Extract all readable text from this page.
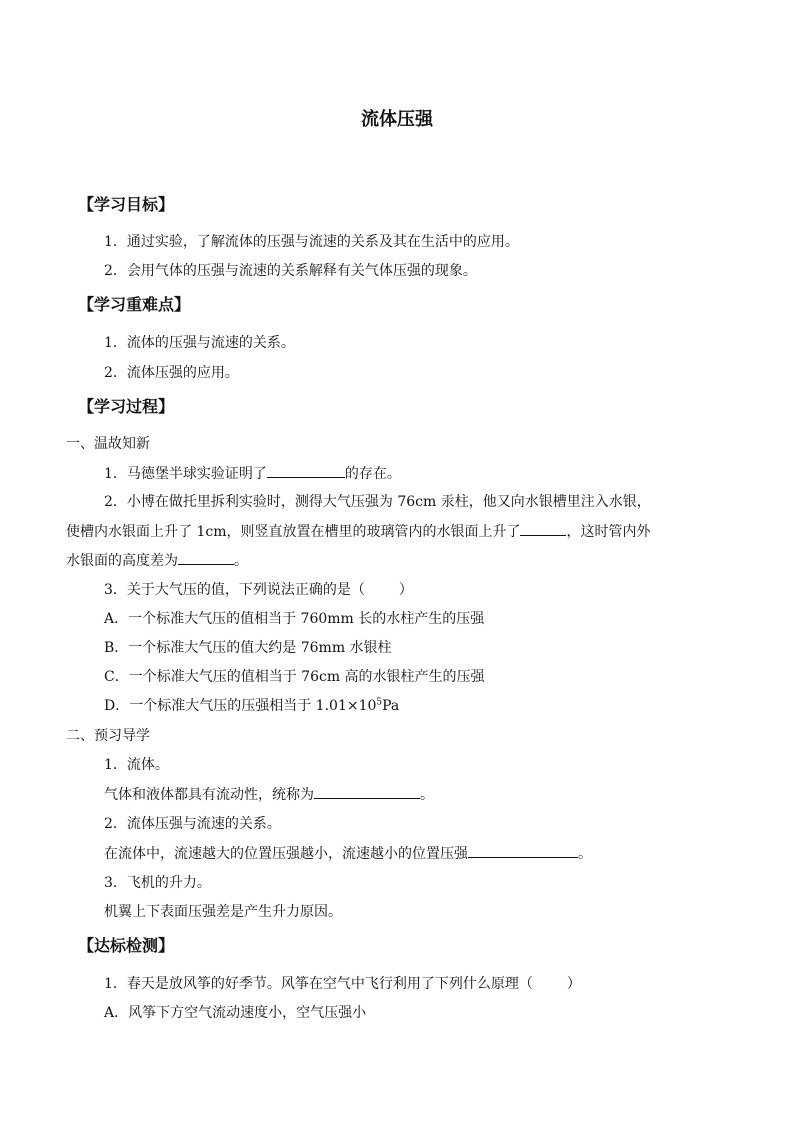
流体压强
【学习目标】
1．通过实验，了解流体的压强与流速的关系及其在生活中的应用。
2．会用气体的压强与流速的关系解释有关气体压强的现象。
【学习重难点】
1．流体的压强与流速的关系。
2．流体压强的应用。
【学习过程】
一、温故知新
1．马德堡半球实验证明了	的存在。
2．小博在做托里拆利实验时，测得大气压强为 76cm 汞柱，他又向水银槽里注入水银，
使槽内水银面上升了 1cm，则竖直放置在槽里的玻璃管内的水银面上升了	，这时管内外
水银面的高度差为	。
3．关于大气压的值，下列说法正确的是（ ）
A．一个标准大气压的值相当于 760mm 长的水柱产生的压强
B．一个标准大气压的值大约是 76mm 水银柱
C．一个标准大气压的值相当于 76cm 高的水银柱产生的压强
D．一个标准大气压的压强相当于 $1.01\times 10^5Pa$
二、预习导学
1．流体。
气体和液体都具有流动性，统称为	。
2．流体压强与流速的关系。
在流体中，流速越大的位置压强越小，流速越小的位置压强	。
3．飞机的升力。
机翼上下表面压强差是产生升力原因。
【达标检测】
1．春天是放风筝的好季节。风筝在空气中飞行利用了下列什么原理（ ）
A．风筝下方空气流动速度小，空气压强小
